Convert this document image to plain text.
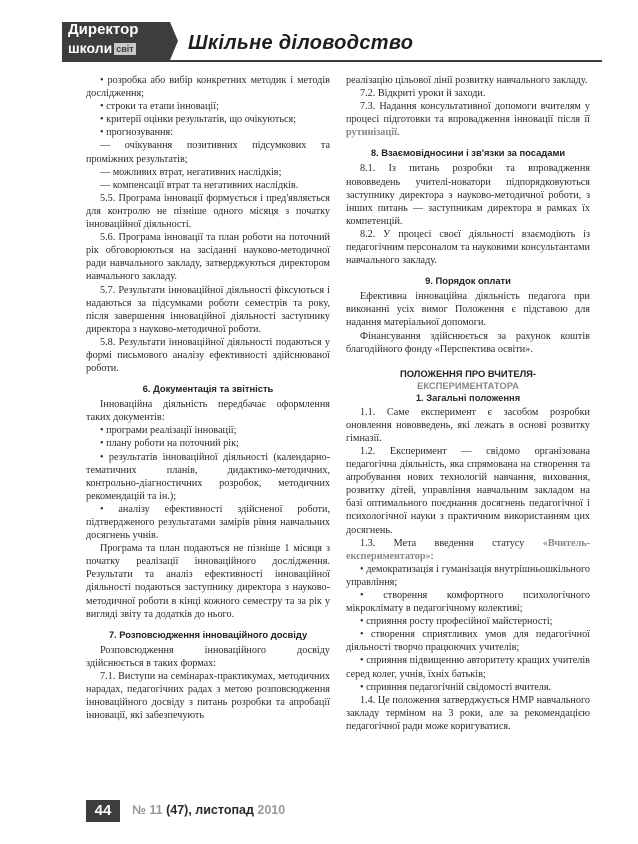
Директор
школи світ	Шкільне діловодство

• розробка або вибір конкретних методик і методів дослідження;

• строки та етапи інновації;

• критерії оцінки результатів, що очікуються;

• прогнозування:

— очікування позитивних підсумкових та проміжних результатів;

— можливих втрат, негативних наслідків;

— компенсації втрат та негативних наслідків.

5.5. Програма інновації формується і пред'являється для контролю не пізніше одного місяця з початку інноваційної діяльності.

5.6. Програма інновації та план роботи на поточний рік обговорюються на засіданні науково-методичної ради навчального закладу, затверджуються директором навчального закладу.

5.7. Результати інноваційної діяльності фіксуються і надаються за підсумками роботи семестрів та року, після завершення інноваційної діяльності заступнику директора з науково-методичної роботи.

5.8. Результати інноваційної діяльності подаються у формі письмового аналізу ефективності здійснюваної роботи.

6. Документація та звітність

Інноваційна діяльність передбачає оформлення таких документів:

• програми реалізації інновації;

• плану роботи на поточний рік;

• результатів інноваційної діяльності (календарно-тематичних планів, дидактико-методичних, контрольно-діагностичних розробок, методичних рекомендацій та ін.);

• аналізу ефективності здійсненої роботи, підтвердженого результатами замірів рівня навчальних досягнень учнів.

Програма та план подаються не пізніше 1 місяця з початку реалізації інноваційного дослідження. Результати та аналіз ефективності інноваційної діяльності подаються заступнику директора з науково-методичної роботи в кінці кожного семестру та за рік у вигляді звіту та додатків до нього.

7. Розповсюдження інноваційного досвіду

Розповсюдження інноваційного досвіду здійснюється в таких формах:

7.1. Виступи на семінарах-практикумах, методичних нарадах, педагогічних радах з метою розповсюдження інноваційного досвіду з питань розробки та апробації інновації, які забезпечують

реалізацію цільової лінії розвитку навчального закладу.

7.2. Відкриті уроки й заходи.

7.3. Надання консультативної допомоги вчителям у процесі підготовки та впровадження інновації після її рутинізації.

8. Взаємовідносини і зв'язки за посадами

8.1. Із питань розробки та впровадження нововведень учителі-новатори підпорядковуються заступнику директора з науково-методичної роботи, з інших питань — заступникам директора в рамках їх компетенцій.

8.2. У процесі своєї діяльності взаємодіють із педагогічним персоналом та науковими консультантами навчального закладу.

9. Порядок оплати

Ефективна інноваційна діяльність педагога при виконанні усіх вимог Положення є підставою для надання матеріальної допомоги.

Фінансування здійснюється за рахунок коштів благодійного фонду «Перспектива освіти».

ПОЛОЖЕННЯ ПРО ВЧИТЕЛЯ-
ЕКСПЕРИМЕНТАТОРА
1. Загальні положення

1.1. Саме експеримент є засобом розробки оновлення нововведень, які лежать в основі розвитку гімназії.

1.2. Експеримент — свідомо організована педагогічна діяльність, яка спрямована на створення та апробування нових технологій навчання, виховання, розвитку дітей, управління навчальним закладом на базі оптимального поєднання досягнень педагогічної і психологічної науки з практичним використанням цих досягнень.

1.3. Мета введення статусу «Вчитель-експериментатор»:

• демократизація і гуманізація внутрішньошкільного управління;

• створення комфортного психологічного мікроклімату в педагогічному колективі;

• сприяння росту професійної майстерності;

• створення сприятливих умов для педагогічної діяльності творчо працюючих учителів;

• сприяння підвищенню авторитету кращих учителів серед колег, учнів, їхніх батьків;

• сприяння педагогічній свідомості вчителя.

1.4. Це положення затверджується НМР навчального закладу терміном на 3 роки, але за рекомендацією педагогічної ради може коригуватися.

44	№ 11 (47), листопад 2010
